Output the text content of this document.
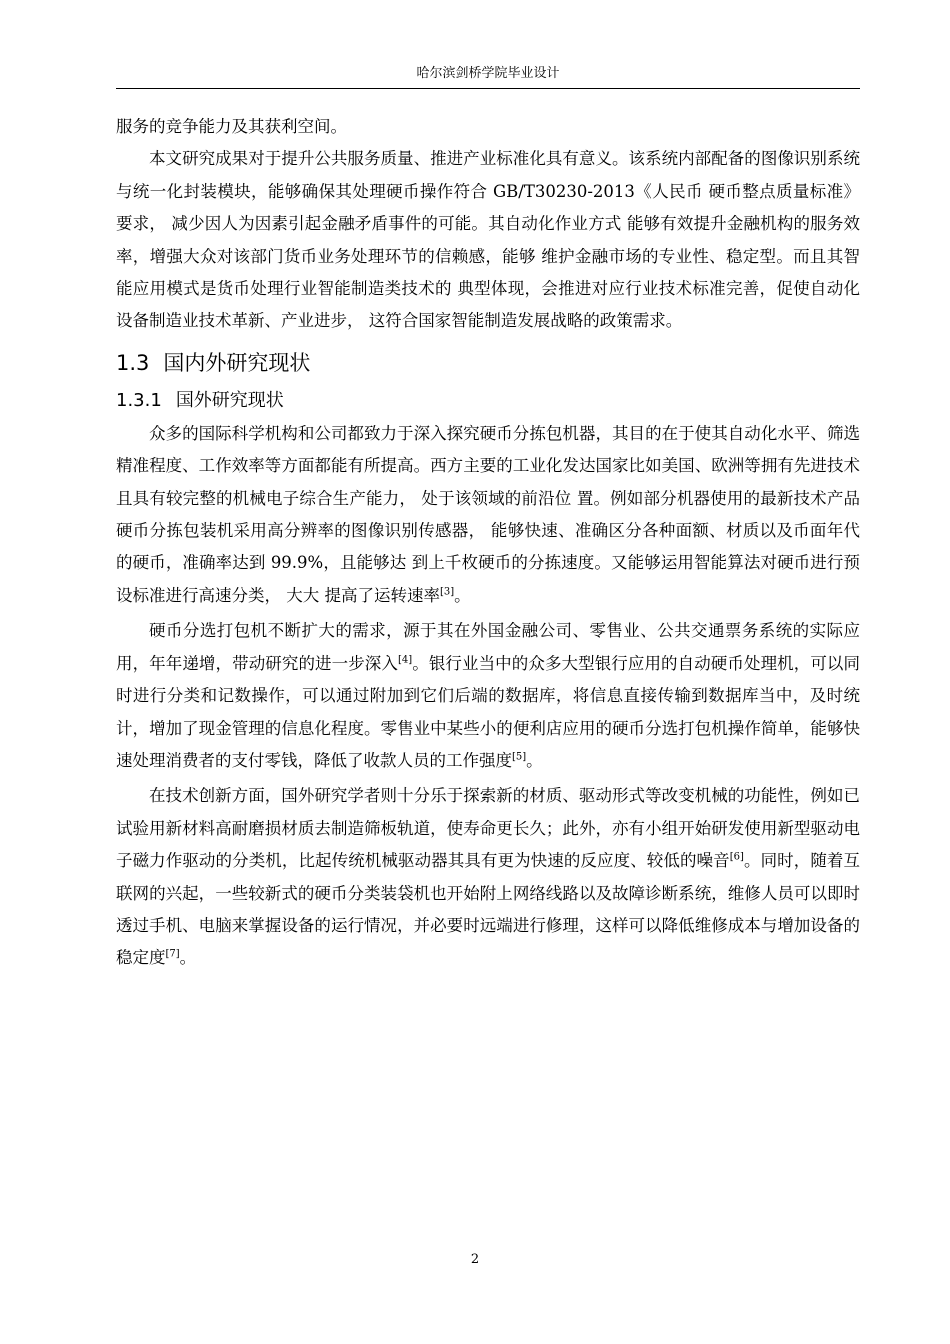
哈尔滨剑桥学院毕业设计

服务的竞争能力及其获利空间。

本文研究成果对于提升公共服务质量、推进产业标准化具有意义。该系统内部配备的图像识别系统与统一化封装模块，能够确保其处理硬币操作符合 GB/T30230-2013《人民币 硬币整点质量标准》要求， 减少因人为因素引起金融矛盾事件的可能。其自动化作业方式 能够有效提升金融机构的服务效率，增强大众对该部门货币业务处理环节的信赖感，能够 维护金融市场的专业性、稳定型。而且其智能应用模式是货币处理行业智能制造类技术的 典型体现，会推进对应行业技术标准完善，促使自动化设备制造业技术革新、产业进步， 这符合国家智能制造发展战略的政策需求。

1.3 国内外研究现状
1.3.1 国外研究现状

众多的国际科学机构和公司都致力于深入探究硬币分拣包机器，其目的在于使其自动化水平、筛选精准程度、工作效率等方面都能有所提高。西方主要的工业化发达国家比如美国、欧洲等拥有先进技术且具有较完整的机械电子综合生产能力， 处于该领域的前沿位 置。例如部分机器使用的最新技术产品硬币分拣包装机采用高分辨率的图像识别传感器， 能够快速、准确区分各种面额、材质以及币面年代的硬币，准确率达到 99.9%，且能够达 到上千枚硬币的分拣速度。又能够运用智能算法对硬币进行预设标准进行高速分类， 大大 提高了运转速率[3]。

硬币分选打包机不断扩大的需求，源于其在外国金融公司、零售业、公共交通票务系统的实际应用，年年递增，带动研究的进一步深入[4]。银行业当中的众多大型银行应用的自动硬币处理机，可以同时进行分类和记数操作，可以通过附加到它们后端的数据库，将信息直接传输到数据库当中，及时统计，增加了现金管理的信息化程度。零售业中某些小的便利店应用的硬币分选打包机操作简单，能够快速处理消费者的支付零钱，降低了收款人员的工作强度[5]。

在技术创新方面，国外研究学者则十分乐于探索新的材质、驱动形式等改变机械的功能性，例如已试验用新材料高耐磨损材质去制造筛板轨道，使寿命更长久；此外，亦有小组开始研发使用新型驱动电子磁力作驱动的分类机，比起传统机械驱动器其具有更为快速的反应度、较低的噪音[6]。同时，随着互联网的兴起，一些较新式的硬币分类装袋机也开始附上网络线路以及故障诊断系统，维修人员可以即时透过手机、电脑来掌握设备的运行情况，并必要时远端进行修理，这样可以降低维修成本与增加设备的稳定度[7]。

2
